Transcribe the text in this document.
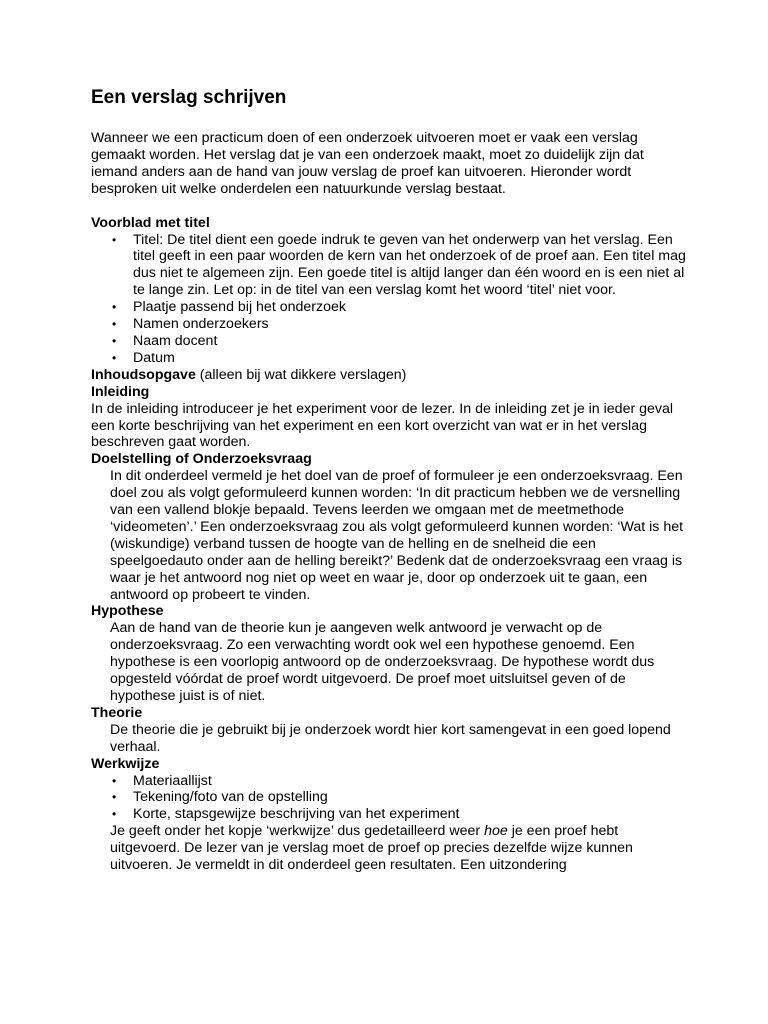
Een verslag schrijven

Wanneer we een practicum doen of een onderzoek uitvoeren moet er vaak een verslag gemaakt worden. Het verslag dat je van een onderzoek maakt, moet zo duidelijk zijn dat iemand anders aan de hand van jouw verslag de proef kan uitvoeren. Hieronder wordt besproken uit welke onderdelen een natuurkunde verslag bestaat.

Voorblad met titel
• Titel: De titel dient een goede indruk te geven van het onderwerp van het verslag. Een titel geeft in een paar woorden de kern van het onderzoek of de proef aan. Een titel mag dus niet te algemeen zijn. Een goede titel is altijd langer dan één woord en is een niet al te lange zin. Let op: in de titel van een verslag komt het woord ‘titel’ niet voor.
• Plaatje passend bij het onderzoek
• Namen onderzoekers
• Naam docent
• Datum
Inhoudsopgave (alleen bij wat dikkere verslagen)
Inleiding

In de inleiding introduceer je het experiment voor de lezer. In de inleiding zet je in ieder geval een korte beschrijving van het experiment en een kort overzicht van wat er in het verslag beschreven gaat worden.

Doelstelling of Onderzoeksvraag

In dit onderdeel vermeld je het doel van de proef of formuleer je een onderzoeksvraag. Een doel zou als volgt geformuleerd kunnen worden: ‘In dit practicum hebben we de versnelling van een vallend blokje bepaald. Tevens leerden we omgaan met de meetmethode ‘videometen’.’ Een onderzoeksvraag zou als volgt geformuleerd kunnen worden: ‘Wat is het (wiskundige) verband tussen de hoogte van de helling en de snelheid die een speelgoedauto onder aan de helling bereikt?’ Bedenk dat de onderzoeksvraag een vraag is waar je het antwoord nog niet op weet en waar je, door op onderzoek uit te gaan, een antwoord op probeert te vinden.

Hypothese

Aan de hand van de theorie kun je aangeven welk antwoord je verwacht op de onderzoeksvraag. Zo een verwachting wordt ook wel een hypothese genoemd. Een hypothese is een voorlopig antwoord op de onderzoeksvraag. De hypothese wordt dus opgesteld vóórdat de proef wordt uitgevoerd. De proef moet uitsluitsel geven of de hypothese juist is of niet.

Theorie

De theorie die je gebruikt bij je onderzoek wordt hier kort samengevat in een goed lopend verhaal.

Werkwijze
• Materiaallijst
• Tekening/foto van de opstelling
• Korte, stapsgewijze beschrijving van het experiment

Je geeft onder het kopje ‘werkwijze’ dus gedetailleerd weer hoe je een proef hebt uitgevoerd. De lezer van je verslag moet de proef op precies dezelfde wijze kunnen uitvoeren. Je vermeldt in dit onderdeel geen resultaten. Een uitzondering
